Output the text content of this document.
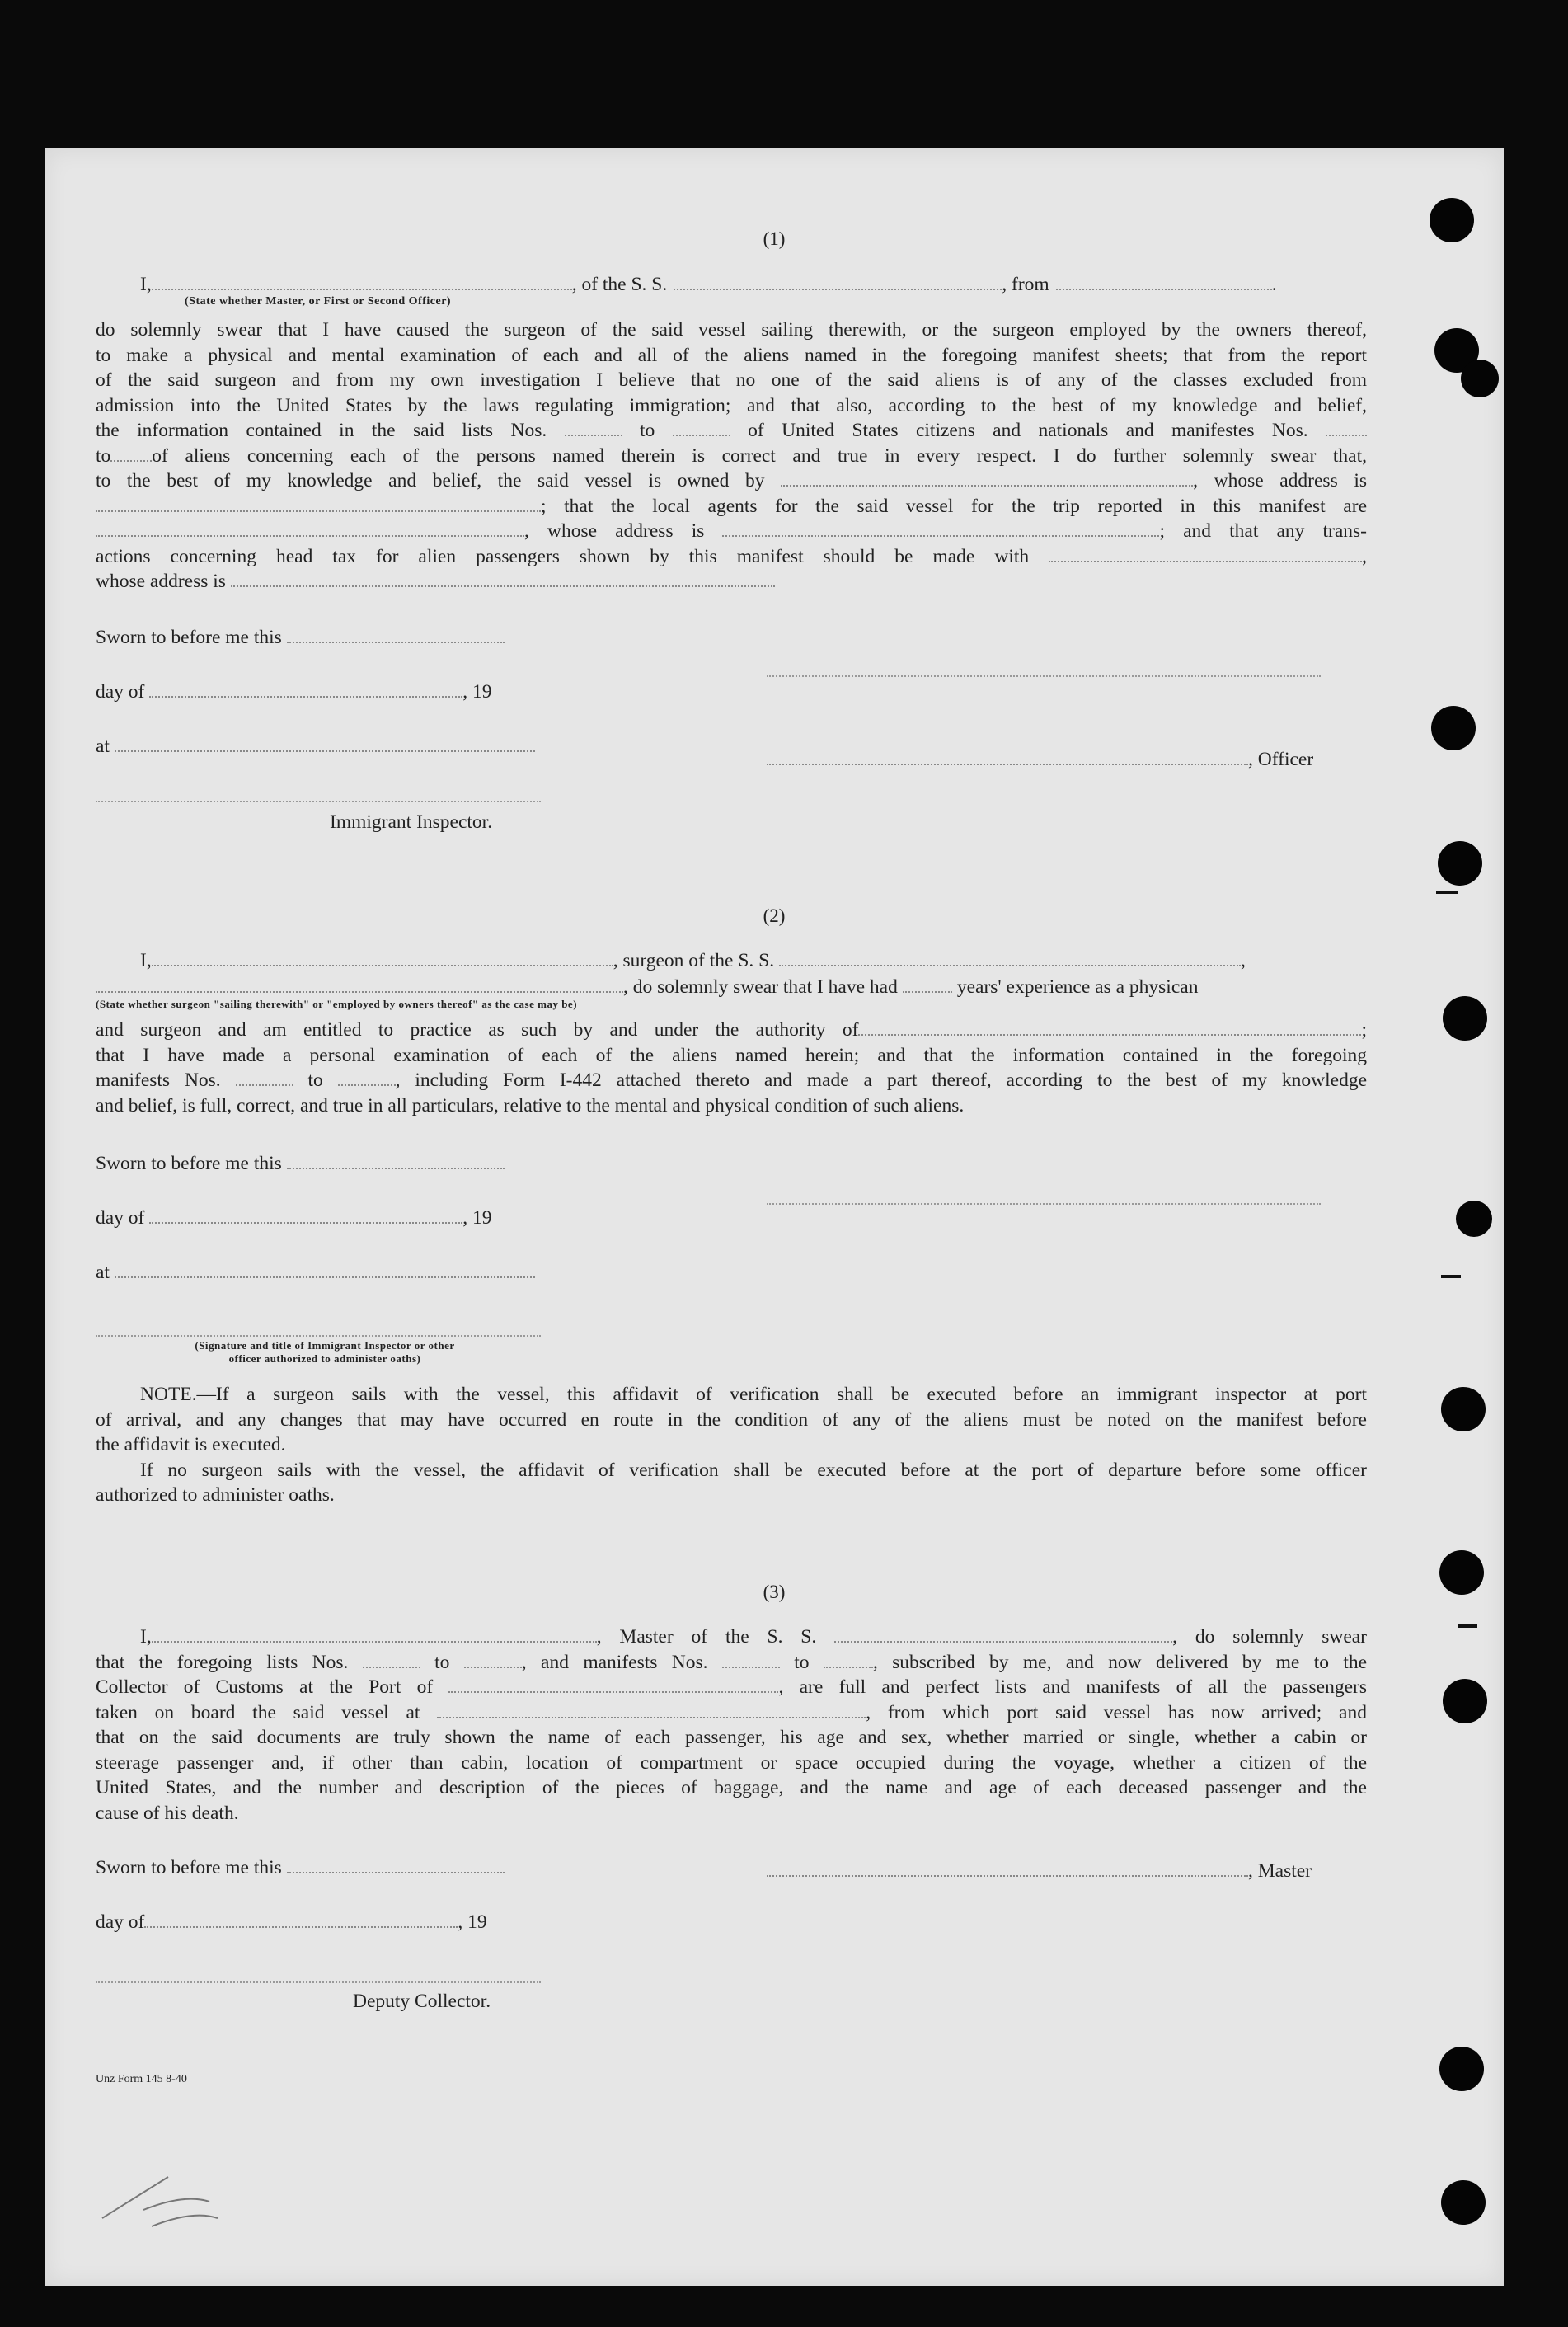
(1)
I,	, of the S. S.	, from	.
(State whether Master, or First or Second Officer)
do solemnly swear that I have caused the surgeon of the said vessel sailing therewith, or the surgeon employed by the owners thereof,
to make a physical and mental examination of each and all of the aliens named in the foregoing manifest sheets; that from the report
of the said surgeon and from my own investigation I believe that no one of the said aliens is of any of the classes excluded from
admission into the United States by the laws regulating immigration; and that also, according to the best of my knowledge and belief,
the information contained in the said lists Nos.	to	of United States citizens and nationals and manifestes Nos.
to of aliens concerning each of the persons named therein is correct and true in every respect. I do further solemnly swear that,
to the best of my knowledge and belief, the said vessel is owned by	, whose address is
; that the local agents for the said vessel for the trip reported in this manifest are
, whose address is	; and that any trans-
actions concerning head tax for alien passengers shown by this manifest should be made with	,
whose address is
Sworn to before me this
day of	, 19
at
, Officer
Immigrant Inspector.
(2)
I,	, surgeon of the S. S.	,
, do solemnly swear that I have had	years' experience as a physican
(State whether surgeon "sailing therewith" or "employed by owners thereof" as the case may be)
and surgeon and am entitled to practice as such by and under the authority of	;
that I have made a personal examination of each of the aliens named herein; and that the information contained in the foregoing
manifests Nos.	to	, including Form I-442 attached thereto and made a part thereof, according to the best of my knowledge
and belief, is full, correct, and true in all particulars, relative to the mental and physical condition of such aliens.
Sworn to before me this
day of	, 19
at
(Signature and title of Immigrant Inspector or other
officer authorized to administer oaths)
NOTE.—If a surgeon sails with the vessel, this affidavit of verification shall be executed before an immigrant inspector at port
of arrival, and any changes that may have occurred en route in the condition of any of the aliens must be noted on the manifest before
the affidavit is executed.
If no surgeon sails with the vessel, the affidavit of verification shall be executed before at the port of departure before some officer
authorized to administer oaths.
(3)
I,	, Master of the S. S.	, do solemnly swear
that the foregoing lists Nos.	to	, and manifests Nos.	to	, subscribed by me, and now delivered by me to the
Collector of Customs at the Port of	, are full and perfect lists and manifests of all the passengers
taken on board the said vessel at	, from which port said vessel has now arrived; and
that on the said documents are truly shown the name of each passenger, his age and sex, whether married or single, whether a cabin or
steerage passenger and, if other than cabin, location of compartment or space occupied during the voyage, whether a citizen of the
United States, and the number and description of the pieces of baggage, and the name and age of each deceased passenger and the
cause of his death.
Sworn to before me this	, Master
day of	, 19
Deputy Collector.
Unz Form 145 8-40
